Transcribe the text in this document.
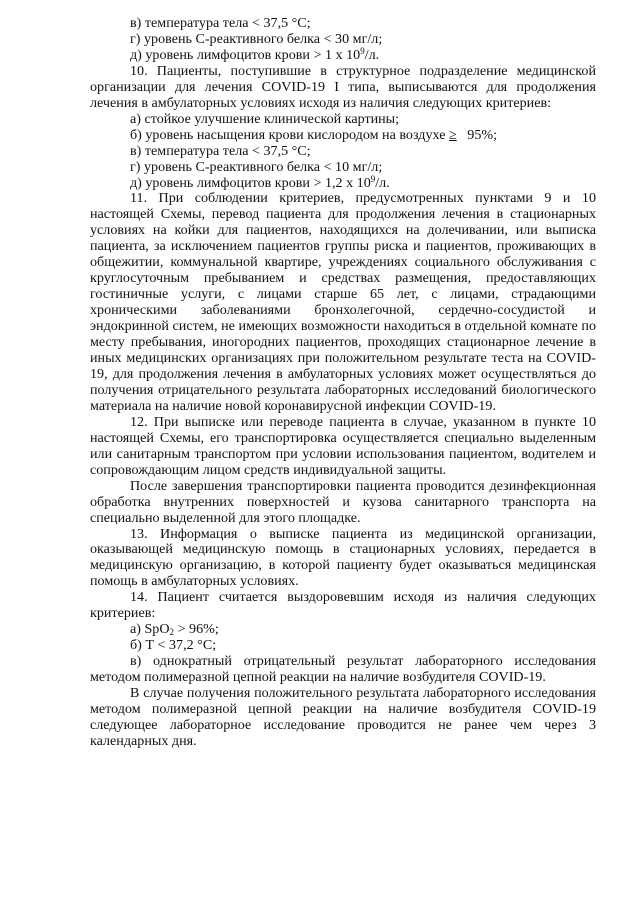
в) температура тела < 37,5 °С;

г) уровень С-реактивного белка < 30 мг/л;

д) уровень лимфоцитов крови > 1 х $10^9/л$.

10. Пациенты, поступившие в структурное подразделение медицинской организации для лечения COVID-19 I типа, выписываются для продолжения лечения в амбулаторных условиях исходя из наличия следующих критериев:

а) стойкое улучшение клинической картины;

б) уровень насыщения крови кислородом на воздухе ≥   95%;

в) температура тела < 37,5 °С;

г) уровень С-реактивного белка < 10 мг/л;

д) уровень лимфоцитов крови > 1,2 х $10^9/л$.

11. При соблюдении критериев, предусмотренных пунктами 9 и 10 настоящей Схемы, перевод пациента для продолжения лечения в стационарных условиях на койки для пациентов, находящихся на долечивании, или выписка пациента, за исключением пациентов группы риска и пациентов, проживающих в общежитии, коммунальной квартире, учреждениях социального обслуживания с круглосуточным пребыванием и средствах размещения, предоставляющих гостиничные услуги, с лицами старше 65 лет, с лицами, страдающими хроническими заболеваниями бронхолегочной, сердечно-сосудистой и эндокринной систем, не имеющих возможности находиться в отдельной комнате по месту пребывания, иногородних пациентов, проходящих стационарное лечение в иных медицинских организациях при положительном результате теста на COVID-19, для продолжения лечения в амбулаторных условиях может осуществляться до получения отрицательного результата лабораторных исследований биологического материала на наличие новой коронавирусной инфекции COVID-19.

12. При выписке или переводе пациента в случае, указанном в пункте 10 настоящей Схемы, его транспортировка осуществляется специально выделенным или санитарным транспортом при условии использования пациентом, водителем и сопровождающим лицом средств индивидуальной защиты.

После завершения транспортировки пациента проводится дезинфекционная обработка внутренних поверхностей и кузова санитарного транспорта на специально выделенной для этого площадке.

13. Информация о выписке пациента из медицинской организации, оказывающей медицинскую помощь в стационарных условиях, передается в медицинскую организацию, в которой пациенту будет оказываться медицинская помощь в амбулаторных условиях.

14. Пациент считается выздоровевшим исходя из наличия следующих критериев:

а) SpO$_2$ > 96%;

б) Т < 37,2 °С;

в) однократный отрицательный результат лабораторного исследования методом полимеразной цепной реакции на наличие возбудителя COVID-19.

В случае получения положительного результата лабораторного исследования методом полимеразной цепной реакции на наличие возбудителя COVID-19 следующее лабораторное исследование проводится не ранее чем через 3 календарных дня.
